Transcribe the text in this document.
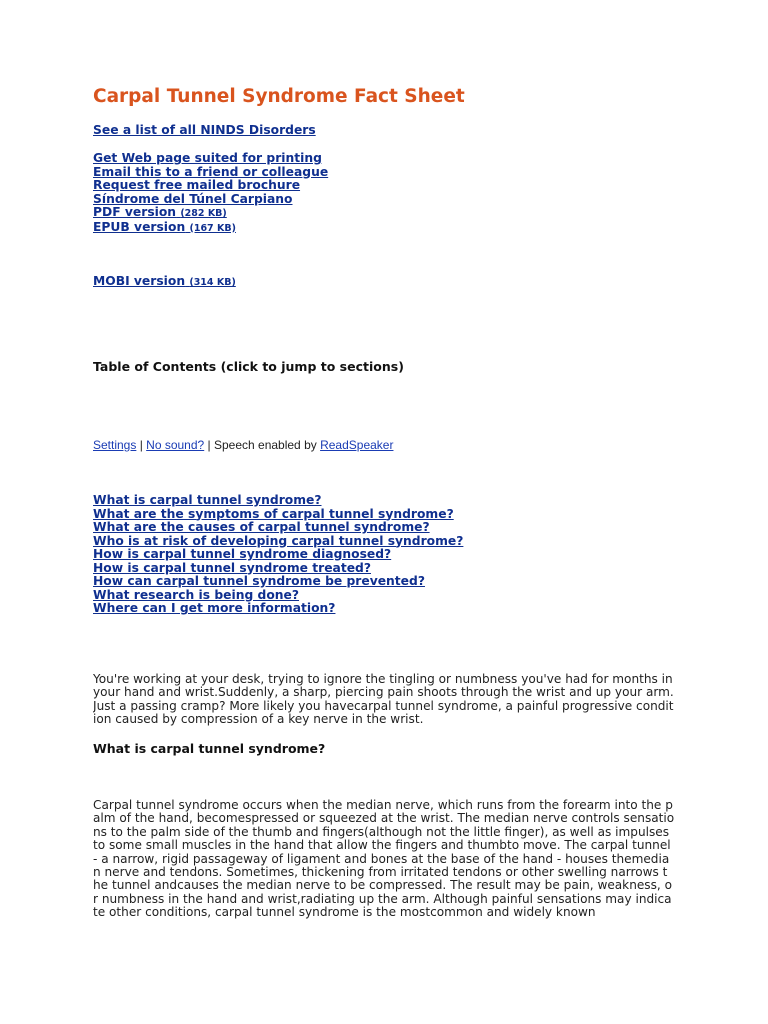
Carpal Tunnel Syndrome Fact Sheet
See a list of all NINDS Disorders
Get Web page suited for printing
Email this to a friend or colleague
Request free mailed brochure
Síndrome del Túnel Carpiano
PDF version (282 KB)
EPUB version (167 KB)
MOBI version (314 KB)
Table of Contents (click to jump to sections)
Settings | No sound? | Speech enabled by ReadSpeaker
What is carpal tunnel syndrome?
What are the symptoms of carpal tunnel syndrome?
What are the causes of carpal tunnel syndrome?
Who is at risk of developing carpal tunnel syndrome?
How is carpal tunnel syndrome diagnosed?
How is carpal tunnel syndrome treated?
How can carpal tunnel syndrome be prevented?
What research is being done?
Where can I get more information?

You're working at your desk, trying to ignore the tingling or numbness you've had for months in your hand and wrist.Suddenly, a sharp, piercing pain shoots through the wrist and up your arm. Just a passing cramp? More likely you havecarpal tunnel syndrome, a painful progressive condition caused by compression of a key nerve in the wrist.

What is carpal tunnel syndrome?

Carpal tunnel syndrome occurs when the median nerve, which runs from the forearm into the palm of the hand, becomespressed or squeezed at the wrist. The median nerve controls sensations to the palm side of the thumb and fingers(although not the little finger), as well as impulses to some small muscles in the hand that allow the fingers and thumbto move. The carpal tunnel - a narrow, rigid passageway of ligament and bones at the base of the hand - houses themedian nerve and tendons. Sometimes, thickening from irritated tendons or other swelling narrows the tunnel andcauses the median nerve to be compressed. The result may be pain, weakness, or numbness in the hand and wrist,radiating up the arm. Although painful sensations may indicate other conditions, carpal tunnel syndrome is the mostcommon and widely known
